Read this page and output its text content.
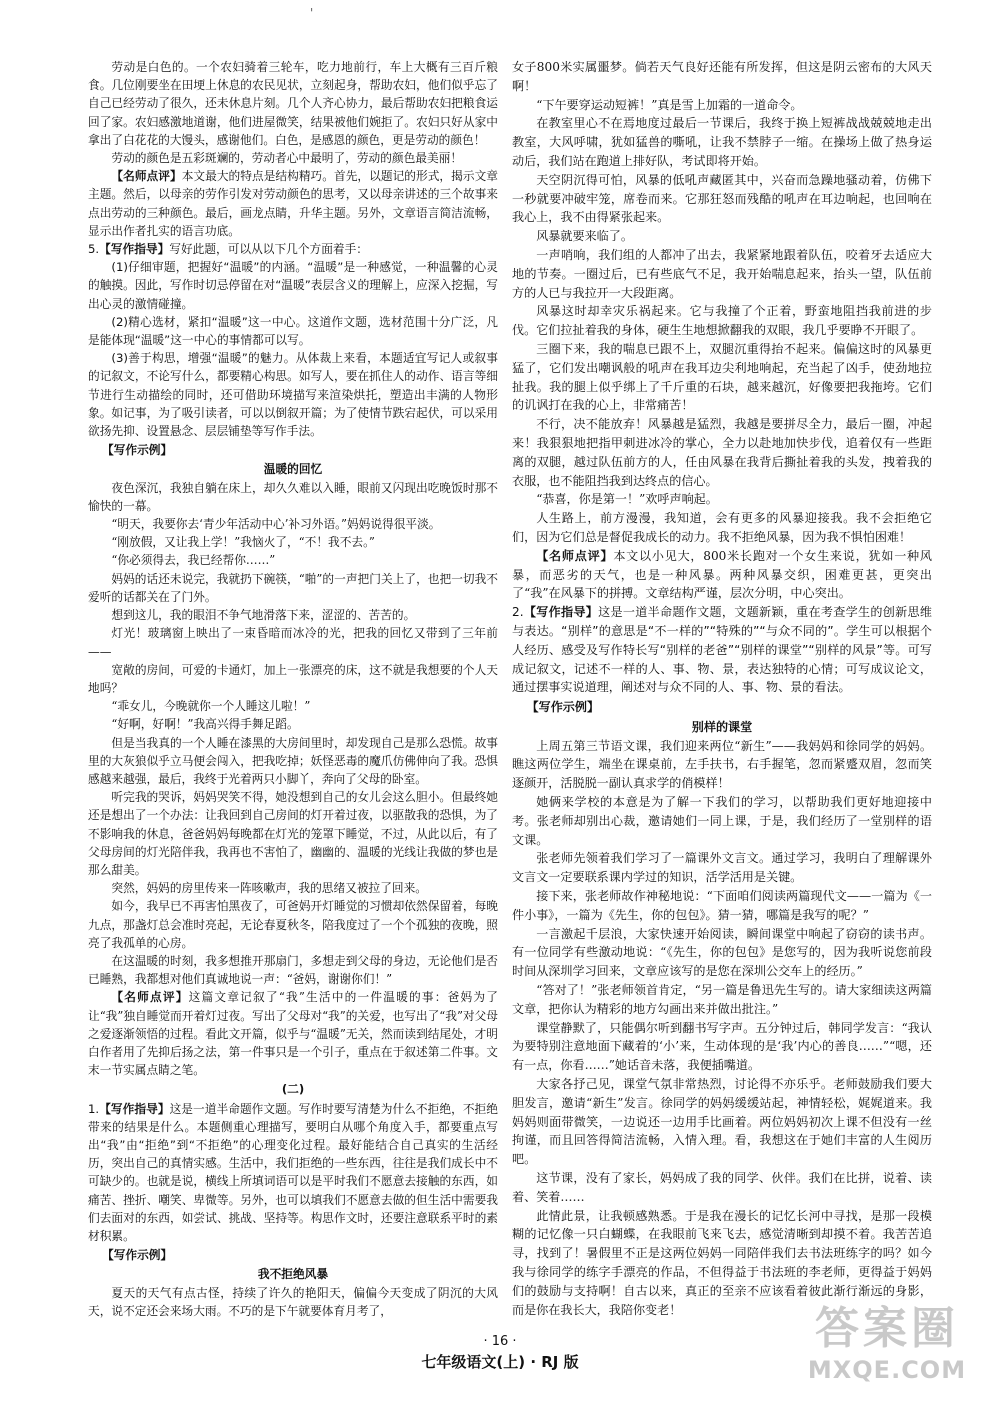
'

劳动是白色的。一个农妇骑着三轮车，吃力地前行，车上大概有三百斤粮食。几位刚要坐在田埂上休息的农民见状，立刻起身，帮助农妇，他们似乎忘了自己已经劳动了很久，还未休息片刻。几个人齐心协力，最后帮助农妇把粮食运回了家。农妇感激地道谢，他们进屋微笑，结果被他们婉拒了。农妇只好从家中拿出了白花花的大馒头，感谢他们。白色，是感恩的颜色，更是劳动的颜色！

劳动的颜色是五彩斑斓的，劳动者心中最明了，劳动的颜色最美丽！

【名师点评】本文最大的特点是结构精巧。首先，以题记的形式，揭示文章主题。然后，以母亲的劳作引发对劳动颜色的思考，又以母亲讲述的三个故事来点出劳动的三种颜色。最后，画龙点睛，升华主题。另外，文章语言简洁流畅，显示出作者扎实的语言功底。

5.【写作指导】写好此题，可以从以下几个方面着手：

(1)仔细审题，把握好“温暖”的内涵。“温暖”是一种感觉，一种温馨的心灵的触摸。因此，写作时切忌停留在对“温暖”表层含义的理解上，应深入挖掘，写出心灵的激情碰撞。

(2)精心选材，紧扣“温暖”这一中心。这道作文题，选材范围十分广泛，凡是能体现“温暖”这一中心的事情都可以写。

(3)善于构思，增强“温暖”的魅力。从体裁上来看，本题适宜写记人或叙事的记叙文，不论写什么，都要精心构思。如写人，要在抓住人的动作、语言等细节进行生动描绘的同时，还可借助环境描写来渲染烘托，塑造出丰满的人物形象。如记事，为了吸引读者，可以以倒叙开篇；为了使情节跌宕起伏，可以采用欲扬先抑、设置悬念、层层铺垫等写作手法。

【写作示例】
温暖的回忆

夜色深沉，我独自躺在床上，却久久难以入睡，眼前又闪现出吃晚饭时那不愉快的一幕。

“明天，我要你去‘青少年活动中心’补习外语。”妈妈说得很平淡。

“刚放假，又让我上学！”我恼火了，“不！我不去。”

“你必须得去，我已经帮你……”

妈妈的话还未说完，我就扔下碗筷，“啪”的一声把门关上了，也把一切我不爱听的话都关在了门外。

想到这儿，我的眼泪不争气地滑落下来，涩涩的、苦苦的。

灯光！玻璃窗上映出了一束昏暗而冰冷的光，把我的回忆又带到了三年前——

宽敞的房间，可爱的卡通灯，加上一张漂亮的床，这不就是我想要的个人天地吗？

“乖女儿，今晚就你一个人睡这儿啦！”

“好啊，好啊！”我高兴得手舞足蹈。

但是当我真的一个人睡在漆黑的大房间里时，却发现自己是那么恐慌。故事里的大灰狼似乎立马便会闯入，把我吃掉；妖怪恶毒的魔爪仿佛伸向了我。恐惧感越来越强，最后，我终于光着两只小脚丫，奔向了父母的卧室。

听完我的哭诉，妈妈哭笑不得，她没想到自己的女儿会这么胆小。但最终她还是想出了一个办法：让我回到自己房间的灯开着过夜，以驱散我的恐惧，为了不影响我的休息，爸爸妈妈每晚都在灯光的笼罩下睡觉，不过，从此以后，有了父母房间的灯光陪伴我，我再也不害怕了，幽幽的、温暖的光线让我做的梦也是那么甜美。

突然，妈妈的房里传来一阵咳嗽声，我的思绪又被拉了回来。

如今，我早已不再害怕黑夜了，可爸妈开灯睡觉的习惯却依然保留着，每晚九点，那盏灯总会准时亮起，无论春夏秋冬，陪我度过了一个个孤独的夜晚，照亮了我孤单的心房。

在这温暖的时刻，我多想推开那扇门，多想走到父母的身边，无论他们是否已睡熟，我都想对他们真诚地说一声：“爸妈，谢谢你们！”

【名师点评】这篇文章记叙了“我”生活中的一件温暖的事：爸妈为了让“我”独自睡觉而开着灯过夜。写出了父母对“我”的关爱，也写出了“我”对父母之爱逐渐领悟的过程。看此文开篇，似乎与“温暖”无关，然而读到结尾处，才明白作者用了先抑后扬之法，第一件事只是一个引子，重点在于叙述第二件事。文末一节实属点睛之笔。

(二)

1.【写作指导】这是一道半命题作文题。写作时要写清楚为什么不拒绝，不拒绝带来的结果是什么。本题侧重心理描写，要明白从哪个角度入手，都要重点写出“我”由“拒绝”到“不拒绝”的心理变化过程。最好能结合自己真实的生活经历，突出自己的真情实感。生活中，我们拒绝的一些东西，往往是我们成长中不可缺少的。也就是说，横线上所填词语可以是平时我们不愿意去接触的东西，如痛苦、挫折、嘲笑、卑微等。另外，也可以填我们不愿意去做的但生活中需要我们去面对的东西，如尝试、挑战、坚持等。构思作文时，还要注意联系平时的素材积累。

【写作示例】
我不拒绝风暴

夏天的天气有点古怪，持续了许久的艳阳天，偏偏今天变成了阴沉的大风天，说不定还会来场大雨。不巧的是下午就要体育月考了，

女子800米实属噩梦。倘若天气良好还能有所发挥，但这是阴云密布的大风天啊！

“下午要穿运动短裤！”真是雪上加霜的一道命令。

在教室里心不在焉地度过最后一节课后，我终于换上短裤战战兢兢地走出教室，大风呼啸，犹如猛兽的嘶吼，让我不禁脖子一缩。在操场上做了热身运动后，我们站在跑道上排好队，考试即将开始。

天空阴沉得可怕，风暴的低吼声藏匿其中，兴奋而急躁地骚动着，仿佛下一秒就要冲破牢笼，席卷而来。它那狂怒而残酷的吼声在耳边响起，也回响在我心上，我不由得紧张起来。

风暴就要来临了。

一声哨响，我们组的人都冲了出去，我紧紧地跟着队伍，咬着牙去适应大地的节奏。一圈过后，已有些底气不足，我开始喘息起来，抬头一望，队伍前方的人已与我拉开一大段距离。

风暴这时却幸灾乐祸起来。它与我撞了个正着，野蛮地阻挡我前进的步伐。它们拉扯着我的身体，硬生生地想掀翻我的双眼，我几乎要睁不开眼了。

三圈下来，我的喘息已跟不上，双腿沉重得抬不起来。偏偏这时的风暴更猛了，它们发出嘲讽般的吼声在我耳边尖利地响起，充当起了凶手，使劲地拉扯我。我的腿上似乎绑上了千斤重的石块，越来越沉，好像要把我拖垮。它们的讥讽打在我的心上，非常痛苦！

不行，决不能放弃！风暴越是猛烈，我越是要拼尽全力，最后一圈，冲起来！我狠狠地把指甲刺进冰冷的掌心，全力以赴地加快步伐，追着仅有一些距离的双腿，越过队伍前方的人，任由风暴在我背后撕扯着我的头发，拽着我的衣服，也不能阻挡我到达终点的信心。

“恭喜，你是第一！”欢呼声响起。

人生路上，前方漫漫，我知道，会有更多的风暴迎接我。我不会拒绝它们，因为它们总是督促我成长的动力。我不拒绝风暴，因为我不惧怕困难！

【名师点评】本文以小见大，800米长跑对一个女生来说，犹如一种风暴，而恶劣的天气，也是一种风暴。两种风暴交织，困难更甚，更突出了“我”在风暴下的拼搏。文章结构严谨，层次分明，中心突出。

2.【写作指导】这是一道半命题作文题，文题新颖，重在考查学生的创新思维与表达。“别样”的意思是“不一样的”“特殊的”“与众不同的”。学生可以根据个人经历、感受及写作特长写“别样的老爸”“别样的课堂”“别样的风景”等。可写成记叙文，记述不一样的人、事、物、景，表达独特的心情；可写成议论文，通过摆事实说道理，阐述对与众不同的人、事、物、景的看法。

【写作示例】
别样的课堂

上周五第三节语文课，我们迎来两位“新生”——我妈妈和徐同学的妈妈。瞧这两位学生，端坐在课桌前，左手扶书，右手握笔，忽而紧蹙双眉，忽而笑逐颜开，活脱脱一副认真求学的俏模样！

她俩来学校的本意是为了解一下我们的学习，以帮助我们更好地迎接中考。张老师却别出心裁，邀请她们一同上课，于是，我们经历了一堂别样的语文课。

张老师先领着我们学习了一篇课外文言文。通过学习，我明白了理解课外文言文一定要联系课内学过的知识，活学活用是关键。

接下来，张老师故作神秘地说：“下面咱们阅读两篇现代文——一篇为《一件小事》，一篇为《先生，你的包包》。猜一猜，哪篇是我写的呢？”

一言激起千层浪，大家快速开始阅读，瞬间课堂中响起了窃窃的读书声。有一位同学有些激动地说：“《先生，你的包包》是您写的，因为我听说您前段时间从深圳学习回来，文章应该写的是您在深圳公交车上的经历。”

“答对了！”张老师领首肯定，“另一篇是鲁迅先生写的。请大家细读这两篇文章，把你认为精彩的地方勾画出来并做出批注。”

课堂静默了，只能偶尔听到翻书写字声。五分钟过后，韩同学发言：“我认为要特别注意地面下藏着的‘小’来，生动体现的是‘我’内心的善良……”“嗯，还有一点，你看……”她话音未落，我便插嘴道。

大家各抒己见，课堂气氛非常热烈，讨论得不亦乐乎。老师鼓励我们要大胆发言，邀请“新生”发言。徐同学的妈妈缓缓站起，神情轻松，娓娓道来。我妈妈则面带微笑，一边说还一边用手比画着。两位妈妈初次上课不但没有一丝拘谨，而且回答得简洁流畅，入情入理。看，我想这在于她们丰富的人生阅历吧。

这节课，没有了家长，妈妈成了我的同学、伙伴。我们在比拼，说着、读着、笑着……

此情此景，让我顿感熟悉。于是我在漫长的记忆长河中寻找，是那一段模糊的记忆像一只白蝴蝶，在我眼前飞来飞去，感觉清晰到却摸不着。我苦苦追寻，找到了！暑假里不正是这两位妈妈一同陪伴我们去书法班练字的吗？如今我与徐同学的练字手漂亮的作品，不但得益于书法班的李老师，更得益于妈妈们的鼓励与支持啊！自古以来，真正的至亲不应该看着彼此渐行渐远的身影，而是你在我长大，我陪你变老！

· 16 ·
七年级语文(上) · RJ 版
答案圈
MXQE.COM
